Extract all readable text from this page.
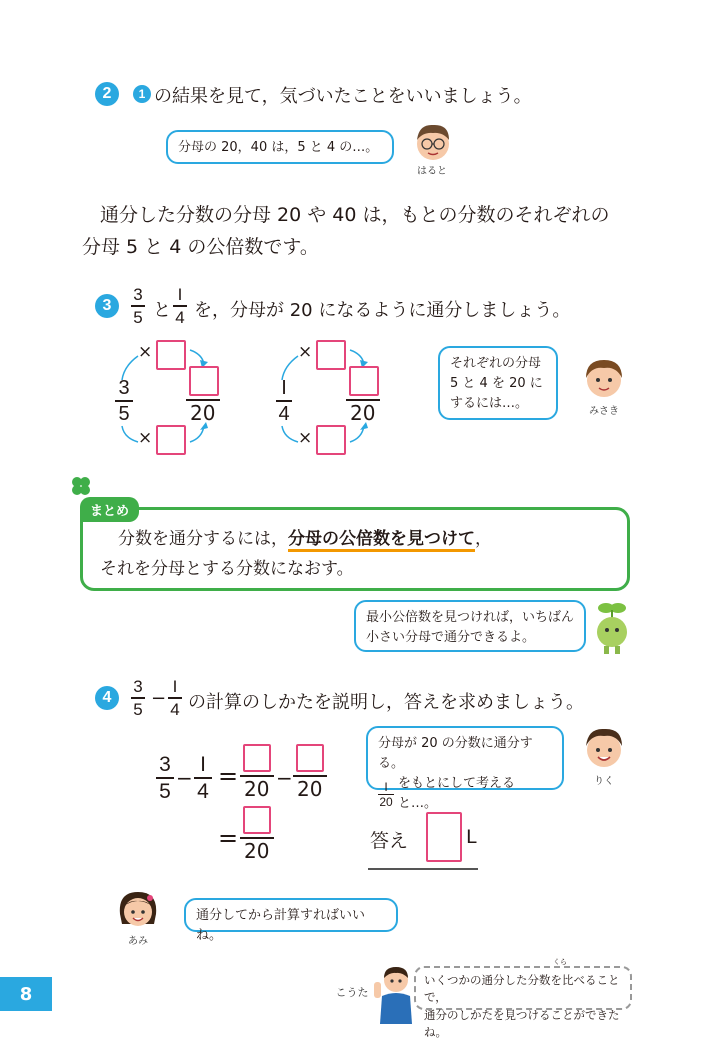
2	1 の結果を見て，気づいたことをいいましょう。
分母の 20，40 は，5 と 4 の…。
はると
通分した分数の分母 20 や 40 は，もとの分数のそれぞれの
分母 5 と 4 の公倍数です。
3
3
5 と
I
4 を，分母が 20 になるように通分しましょう。
×
3
5	20
×
×
I
4	20
×
それぞれの分母
5 と 4 を 20 に
するには…。
みさき
まとめ
分数を通分するには，分母の公倍数を見つけて，
それを分母とする分数になおす。
最小公倍数を見つければ，いちばん
小さい分母で通分できるよ。
4
3
5 −
I
4 の計算のしかたを説明し，答えを求めましょう。
3
5
−
I
4
= 20 − 20
= 20	答え	L
分母が 20 の分数に通分する。
$\frac{I}{20}$ をもとにして考えると…。
りく
あみ
通分してから計算すればいいね。
8	こうた
いくつかの通分した分数を比べることで，
通分のしかたを見つけることができたね。
くら
